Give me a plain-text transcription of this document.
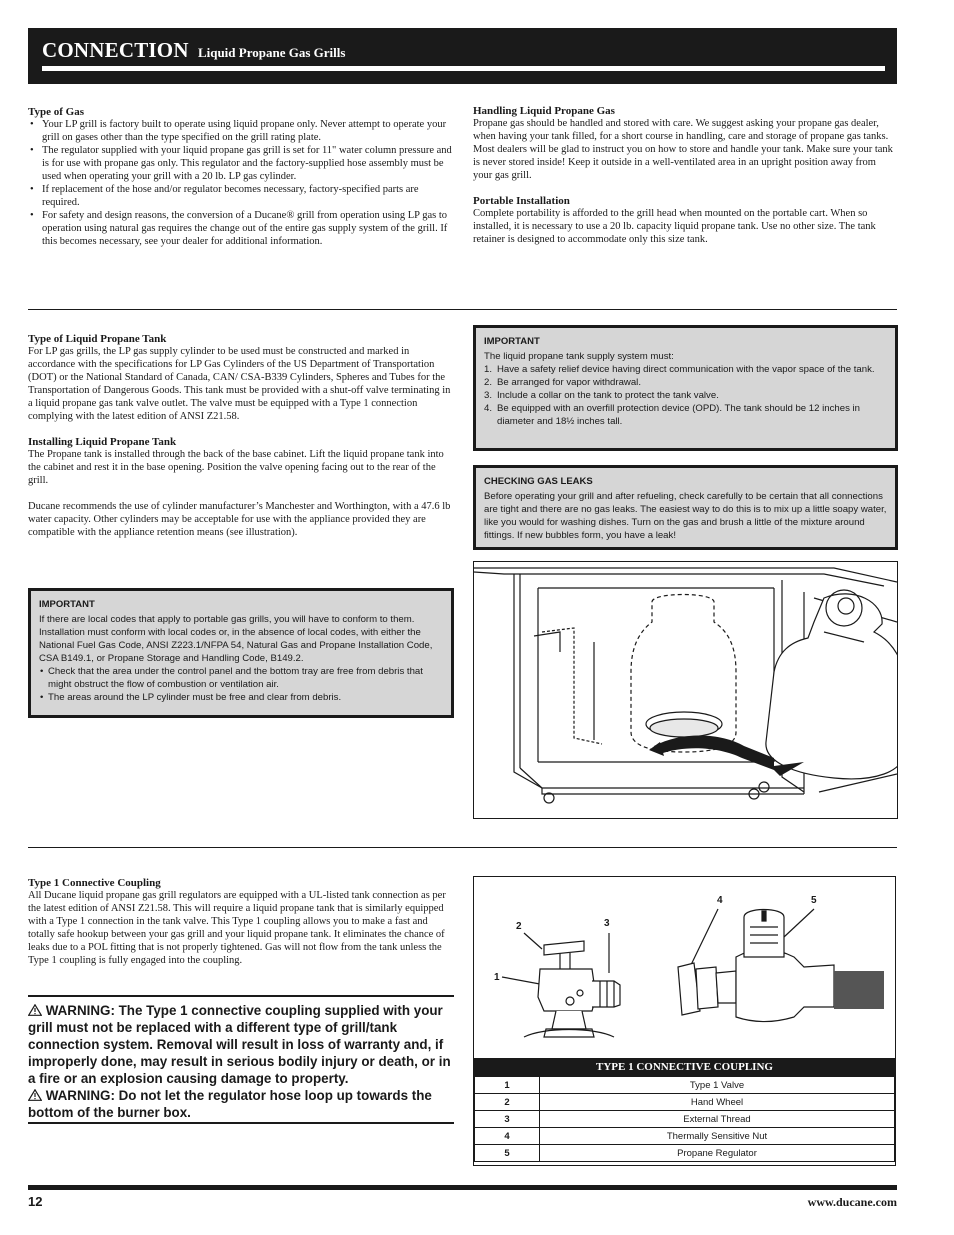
CONNECTION Liquid Propane Gas Grills
Type of Gas
• Your LP grill is factory built to operate using liquid propane only. Never attempt to operate your grill on gases other than the type specified on the grill rating plate.
• The regulator supplied with your liquid propane gas grill is set for 11" water column pressure and is for use with propane gas only. This regulator and the factory-supplied hose assembly must be used when operating your grill with a 20 lb. LP gas cylinder.
• If replacement of the hose and/or regulator becomes necessary, factory-specified parts are required.
• For safety and design reasons, the conversion of a Ducane® grill from operation using LP gas to operation using natural gas requires the change out of the entire gas supply system of the grill. If this becomes necessary, see your dealer for additional information.
Handling Liquid Propane Gas

Propane gas should be handled and stored with care. We suggest asking your propane gas dealer, when having your tank filled, for a short course in handling, care and storage of propane gas tanks. Most dealers will be glad to instruct you on how to store and handle your tank. Make sure your tank is never stored inside! Keep it outside in a well-ventilated area in an upright position away from your gas grill.

Portable Installation

Complete portability is afforded to the grill head when mounted on the portable cart. When so installed, it is necessary to use a 20 lb. capacity liquid propane tank. Use no other size. The tank retainer is designed to accommodate only this size tank.

Type of Liquid Propane Tank

For LP gas grills, the LP gas supply cylinder to be used must be constructed and marked in accordance with the specifications for LP Gas Cylinders of the US Department of Transportation (DOT) or the National Standard of Canada, CAN/ CSA-B339 Cylinders, Spheres and Tubes for the Transportation of Dangerous Goods. This tank must be provided with a shut-off valve terminating in a liquid propane gas tank valve outlet. The valve must be equipped with a Type 1 connection complying with the latest edition of ANSI Z21.58.

Installing Liquid Propane Tank

The Propane tank is installed through the back of the base cabinet. Lift the liquid propane tank into the cabinet and rest it in the base opening. Position the valve opening facing out to the rear of the grill.

Ducane recommends the use of cylinder manufacturer’s Manchester and Worthington, with a 47.6 lb water capacity. Other cylinders may be acceptable for use with the appliance provided they are compatible with the appliance retention means (see illustration).

IMPORTANT
If there are local codes that apply to portable gas grills, you will have to conform to them. Installation must conform with local codes or, in the absence of local codes, with either the National Fuel Gas Code, ANSI Z223.1/NFPA 54, Natural Gas and Propane Installation Code, CSA B149.1, or Propane Storage and Handling Code, B149.2.
• Check that the area under the control panel and the bottom tray are free from debris that might obstruct the flow of combustion or ventilation air.
• The areas around the LP cylinder must be free and clear from debris.
IMPORTANT
The liquid propane tank supply system must:
1. Have a safety relief device having direct communication with the vapor space of the tank.
2. Be arranged for vapor withdrawal.
3. Include a collar on the tank to protect the tank valve.
4. Be equipped with an overfill protection device (OPD). The tank should be 12 inches in diameter and 18½ inches tall.
CHECKING GAS LEAKS
Before operating your grill and after refueling, check carefully to be certain that all connections are tight and there are no gas leaks. The easiest way to do this is to mix up a little soapy water, like you would for washing dishes. Turn on the gas and brush a little of the mixture around fittings. If new bubbles form, you have a leak!
Type 1 Connective Coupling

All Ducane liquid propane gas grill regulators are equipped with a UL-listed tank connection as per the latest edition of ANSI Z21.58. This will require a liquid propane tank that is similarly equipped with a Type 1 connection in the tank valve. This Type 1 coupling allows you to make a fast and totally safe hookup between your gas grill and your liquid propane tank. It eliminates the chance of leaks due to a POL fitting that is not properly tightened. Gas will not flow from the tank unless the Type 1 coupling is fully engaged into the coupling.

WARNING: The Type 1 connective coupling supplied with your grill must not be replaced with a different type of grill/tank connection system. Removal will result in loss of warranty and, if improperly done, may result in serious bodily injury or death, or in a fire or an explosion causing damage to property.
WARNING: Do not let the regulator hose loop up towards the bottom of the burner box.
1
2	3
4	5
TYPE 1 CONNECTIVE COUPLING
1	Type 1 Valve
2	Hand Wheel
3	External Thread
4	Thermally Sensitive Nut
5	Propane Regulator
12	www.ducane.com
